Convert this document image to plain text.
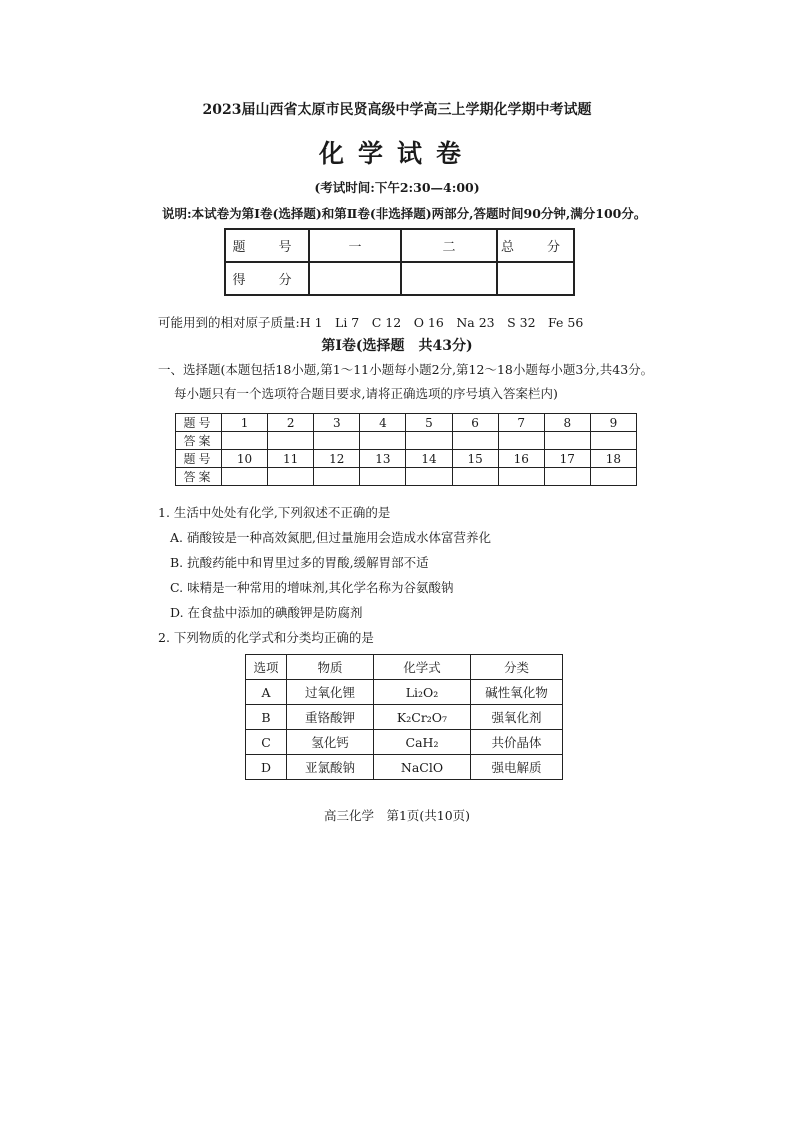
2023届山西省太原市民贤高级中学高三上学期化学期中考试题
化学试卷
(考试时间:下午2:30—4:00)
说明:本试卷为第Ⅰ卷(选择题)和第Ⅱ卷(非选择题)两部分,答题时间90分钟,满分100分。
题　号	一	二	总　分
得　分			
可能用到的相对原子质量:H 1　Li 7　C 12　O 16　Na 23　S 32　Fe 56
第Ⅰ卷(选择题　共43分)
一、选择题(本题包括18小题,第1～11小题每小题2分,第12～18小题每小题3分,共43分。
每小题只有一个选项符合题目要求,请将正确选项的序号填入答案栏内)
题号	1	2	3	4	5	6	7	8	9
答案									
题号	10	11	12	13	14	15	16	17	18
答案									
1. 生活中处处有化学,下列叙述不正确的是
A. 硝酸铵是一种高效氮肥,但过量施用会造成水体富营养化
B. 抗酸药能中和胃里过多的胃酸,缓解胃部不适
C. 味精是一种常用的增味剂,其化学名称为谷氨酸钠
D. 在食盐中添加的碘酸钾是防腐剂
2. 下列物质的化学式和分类均正确的是
选项	物质	化学式	分类
A	过氧化锂	Li₂O₂	碱性氧化物
B	重铬酸钾	K₂Cr₂O₇	强氧化剂
C	氢化钙	CaH₂	共价晶体
D	亚氯酸钠	NaClO	强电解质
高三化学　第1页(共10页)
